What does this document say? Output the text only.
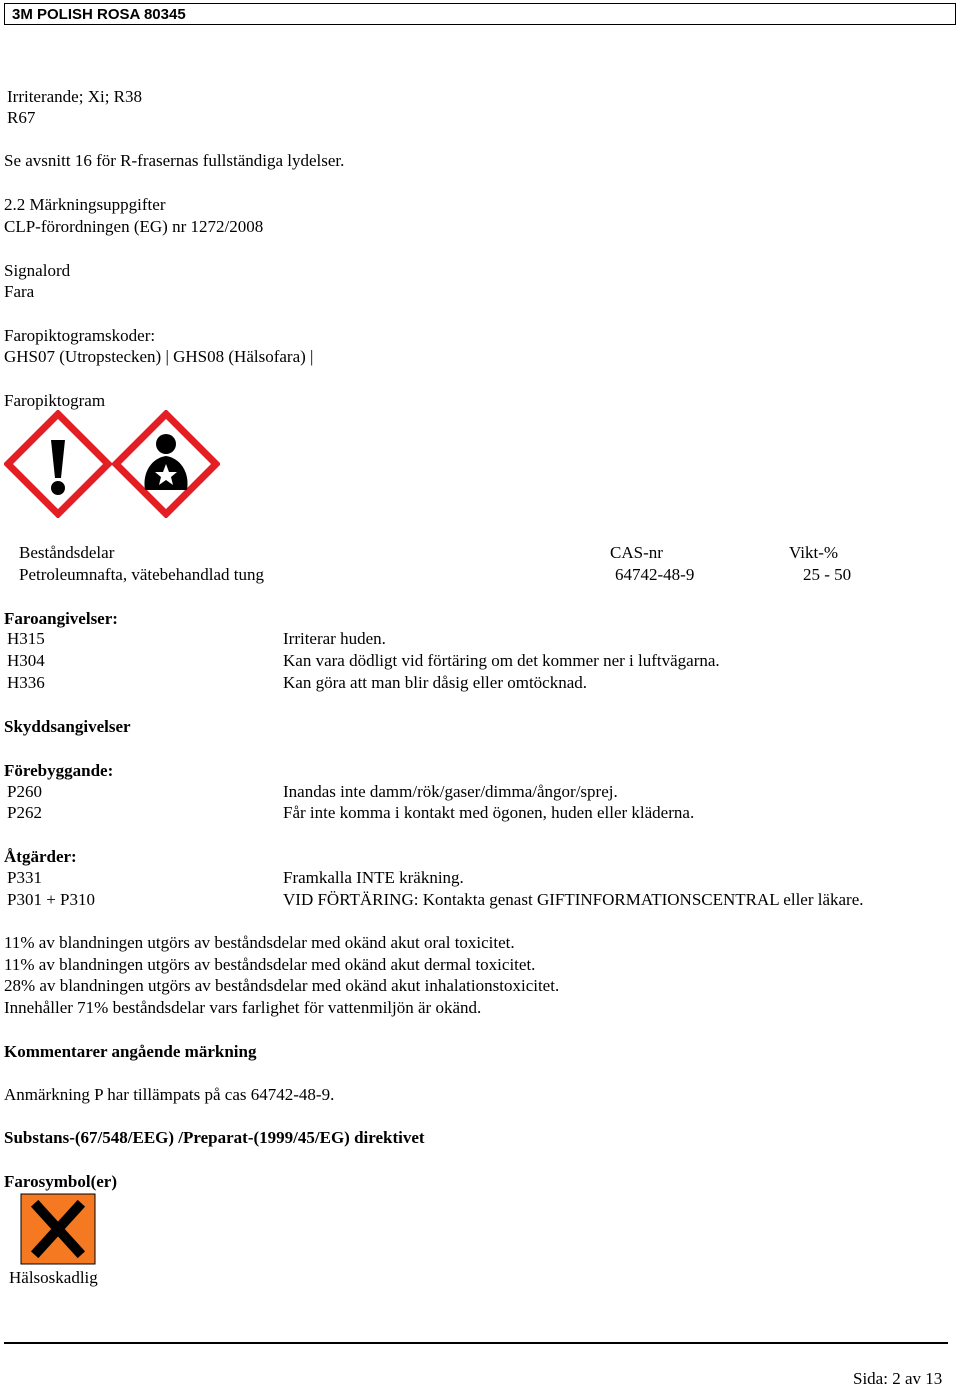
3M POLISH ROSA 80345
Irriterande; Xi; R38
R67
Se avsnitt 16 för R-frasernas fullständiga lydelser.
2.2 Märkningsuppgifter
CLP-förordningen (EG) nr 1272/2008
Signalord
Fara
Faropiktogramskoder:
GHS07 (Utropstecken) | GHS08 (Hälsofara) |
Faropiktogram
Beståndsdelar	CAS-nr	Vikt-%
Petroleumnafta, vätebehandlad tung	64742-48-9	25 - 50
Faroangivelser:
H315	Irriterar huden.
H304	Kan vara dödligt vid förtäring om det kommer ner i luftvägarna.
H336	Kan göra att man blir dåsig eller omtöcknad.
Skyddsangivelser
Förebyggande:
P260	Inandas inte damm/rök/gaser/dimma/ångor/sprej.
P262	Får inte komma i kontakt med ögonen, huden eller kläderna.
Åtgärder:
P331	Framkalla INTE kräkning.
P301 + P310	VID FÖRTÄRING: Kontakta genast GIFTINFORMATIONSCENTRAL eller läkare.
11% av blandningen utgörs av beståndsdelar med okänd akut oral toxicitet.
11% av blandningen utgörs av beståndsdelar med okänd akut dermal toxicitet.
28% av blandningen utgörs av beståndsdelar med okänd akut inhalationstoxicitet.
Innehåller 71% beståndsdelar vars farlighet för vattenmiljön är okänd.
Kommentarer angående märkning
Anmärkning P har tillämpats på cas 64742-48-9.
Substans-(67/548/EEG) /Preparat-(1999/45/EG) direktivet
Farosymbol(er)
Hälsoskadlig
Sida: 2 av 13
